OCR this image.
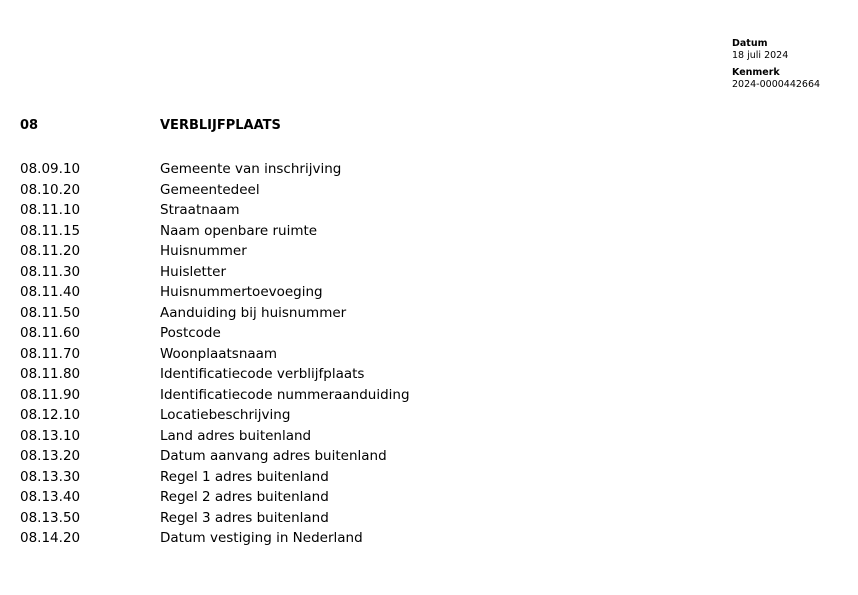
Datum
18 juli 2024
Kenmerk
2024-0000442664
08	VERBLIJFPLAATS
08.09.10	Gemeente van inschrijving
08.10.20	Gemeentedeel
08.11.10	Straatnaam
08.11.15	Naam openbare ruimte
08.11.20	Huisnummer
08.11.30	Huisletter
08.11.40	Huisnummertoevoeging
08.11.50	Aanduiding bij huisnummer
08.11.60	Postcode
08.11.70	Woonplaatsnaam
08.11.80	Identificatiecode verblijfplaats
08.11.90	Identificatiecode nummeraanduiding
08.12.10	Locatiebeschrijving
08.13.10	Land adres buitenland
08.13.20	Datum aanvang adres buitenland
08.13.30	Regel 1 adres buitenland
08.13.40	Regel 2 adres buitenland
08.13.50	Regel 3 adres buitenland
08.14.20	Datum vestiging in Nederland
